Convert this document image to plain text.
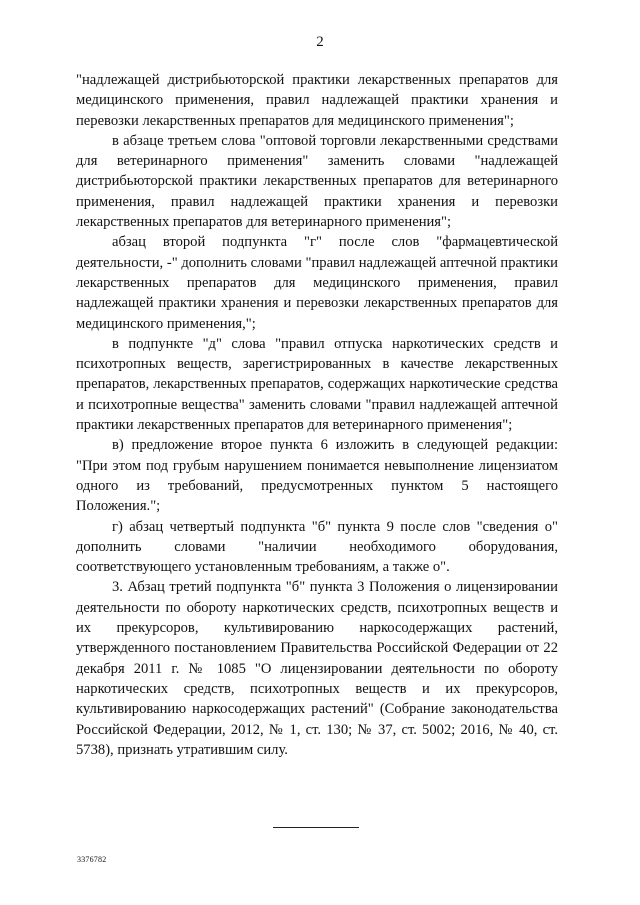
2

"надлежащей дистрибьюторской практики лекарственных препаратов для медицинского применения, правил надлежащей практики хранения и перевозки лекарственных препаратов для медицинского применения";

в абзаце третьем слова "оптовой торговли лекарственными средствами для ветеринарного применения" заменить словами "надлежащей дистрибьюторской практики лекарственных препаратов для ветеринарного применения, правил надлежащей практики хранения и перевозки лекарственных препаратов для ветеринарного применения";

абзац второй подпункта "г" после слов "фармацевтической деятельности, -" дополнить словами "правил надлежащей аптечной практики лекарственных препаратов для медицинского применения, правил надлежащей практики хранения и перевозки лекарственных препаратов для медицинского применения,";

в подпункте "д" слова "правил отпуска наркотических средств и психотропных веществ, зарегистрированных в качестве лекарственных препаратов, лекарственных препаратов, содержащих наркотические средства и психотропные вещества" заменить словами "правил надлежащей аптечной практики лекарственных препаратов для ветеринарного применения";

в) предложение второе пункта 6 изложить в следующей редакции: "При этом под грубым нарушением понимается невыполнение лицензиатом одного из требований, предусмотренных пунктом 5 настоящего Положения.";

г) абзац четвертый подпункта "б" пункта 9 после слов "сведения о" дополнить словами "наличии необходимого оборудования, соответствующего установленным требованиям, а также о".

3. Абзац третий подпункта "б" пункта 3 Положения о лицензировании деятельности по обороту наркотических средств, психотропных веществ и их прекурсоров, культивированию наркосодержащих растений, утвержденного постановлением Правительства Российской Федерации от 22 декабря 2011 г. № 1085 "О лицензировании деятельности по обороту наркотических средств, психотропных веществ и их прекурсоров, культивированию наркосодержащих растений" (Собрание законодательства Российской Федерации, 2012, № 1, ст. 130; № 37, ст. 5002; 2016, № 40, ст. 5738), признать утратившим силу.

3376782
